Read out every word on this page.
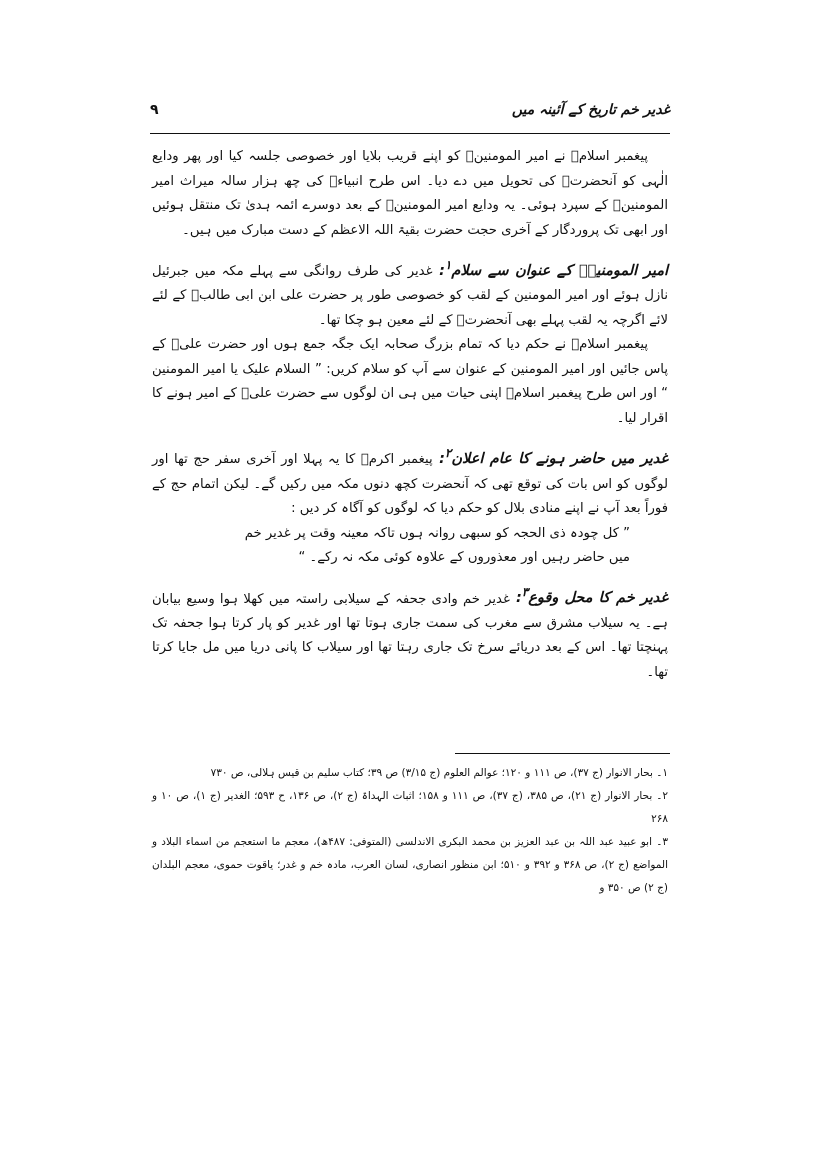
غدیر خم تاریخ کے آئینہ میں
۹

پیغمبر اسلامؐ نے امیر المومنینؑ کو اپنے قریب بلایا اور خصوصی جلسہ کیا اور پھر ودایع الٰہی کو آنحضرتؑ کی تحویل میں دے دیا۔ اس طرح انبیاءؑ کی چھ ہزار سالہ میراث امیر المومنینؑ کے سپرد ہوئی۔ یہ ودایع امیر المومنینؑ کے بعد دوسرے ائمہ ہدیٰ تک منتقل ہوئیں اور ابھی تک پروردگار کے آخری حجت حضرت بقیۃ اللہ الاعظم کے دست مبارک میں ہیں۔

امیر المومنینؑ کے عنوان سے سلام$^۱$: غدیر کی طرف روانگی سے پہلے مکہ میں جبرئیل نازل ہوئے اور امیر المومنین کے لقب کو خصوصی طور پر حضرت علی ابن ابی طالبؑ کے لئے لائے اگرچہ یہ لقب پہلے بھی آنحضرتؑ کے لئے معین ہو چکا تھا۔

پیغمبر اسلامؐ نے حکم دیا کہ تمام بزرگ صحابہ ایک جگہ جمع ہوں اور حضرت علیؑ کے پاس جائیں اور امیر المومنین کے عنوان سے آپ کو سلام کریں: ” السلام علیک یا امیر المومنین “ اور اس طرح پیغمبر اسلامؐ اپنی حیات میں ہی ان لوگوں سے حضرت علیؑ کے امیر ہونے کا اقرار لیا۔

غدیر میں حاضر ہونے کا عام اعلان$^۲$: پیغمبر اکرمؐ کا یہ پہلا اور آخری سفر حج تھا اور لوگوں کو اس بات کی توقع تھی کہ آنحضرت کچھ دنوں مکہ میں رکیں گے۔ لیکن اتمام حج کے فوراً بعد آپ نے اپنے منادی بلال کو حکم دیا کہ لوگوں کو آگاہ کر دیں :

” کل چودہ ذی الحجہ کو سبھی روانہ ہوں تاکہ معینہ وقت پر غدیر خم میں حاضر رہیں اور معذوروں کے علاوہ کوئی مکہ نہ رکے۔ “

غدیر خم کا محل وقوع$^۳$: غدیر خم وادی جحفہ کے سیلابی راستہ میں کھلا ہوا وسیع بیابان ہے۔ یہ سیلاب مشرق سے مغرب کی سمت جاری ہوتا تھا اور غدیر کو پار کرتا ہوا جحفہ تک پہنچتا تھا۔ اس کے بعد دریائے سرخ تک جاری رہتا تھا اور سیلاب کا پانی دریا میں مل جایا کرتا تھا۔

۱۔ بحار الانوار (ج ۳۷)، ص ۱۱۱ و ۱۲۰؛ عوالم العلوم (ج ۳/۱۵) ص ۳۹؛ کتاب سلیم بن قیس ہلالی، ص ۷۳۰

۲۔ بحار الانوار (ج ۲۱)، ص ۳۸۵، (ج ۳۷)، ص ۱۱۱ و ۱۵۸؛ اثبات الہداۃ (ج ۲)، ص ۱۳۶، ح ۵۹۳؛ الغدیر (ج ۱)، ص ۱۰ و ۲۶۸

۳۔ ابو عبید عبد اللہ بن عبد العزیز بن محمد البکری الاندلسی (المتوفی: ۴۸۷ھ)، معجم ما استعجم من اسماء البلاد و المواضع (ج ۲)، ص ۳۶۸ و ۳۹۲ و ۵۱۰؛ ابن منظور انصاری، لسان العرب، مادہ خم و غدر؛ یاقوت حموی، معجم البلدان (ج ۲) ص ۳۵۰ و
